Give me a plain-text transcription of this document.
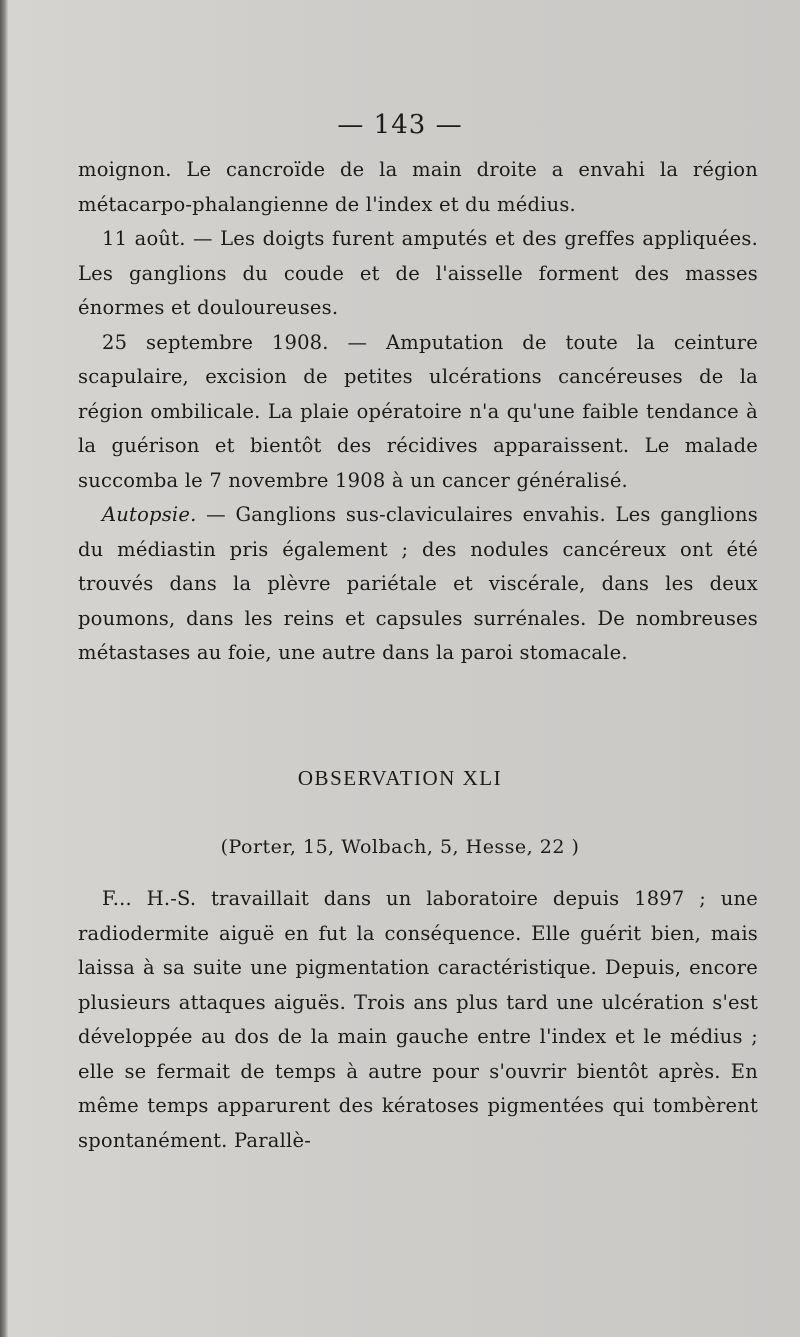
— 143 —

moignon. Le cancroïde de la main droite a envahi la région métacarpo-phalangienne de l'index et du médius.

11 août. — Les doigts furent amputés et des greffes appliquées. Les ganglions du coude et de l'aisselle forment des masses énormes et douloureuses.

25 septembre 1908. — Amputation de toute la ceinture scapulaire, excision de petites ulcérations cancéreuses de la région ombilicale. La plaie opératoire n'a qu'une faible tendance à la guérison et bientôt des récidives apparaissent. Le malade succomba le 7 novembre 1908 à un cancer généralisé.

Autopsie. — Ganglions sus-claviculaires envahis. Les ganglions du médiastin pris également ; des nodules cancéreux ont été trouvés dans la plèvre pariétale et viscérale, dans les deux poumons, dans les reins et capsules surrénales. De nombreuses métastases au foie, une autre dans la paroi stomacale.

OBSERVATION XLI
(Porter, 15, Wolbach, 5, Hesse, 22 )

F... H.-S. travaillait dans un laboratoire depuis 1897 ; une radiodermite aiguë en fut la conséquence. Elle guérit bien, mais laissa à sa suite une pigmentation caractéristique. Depuis, encore plusieurs attaques aiguës. Trois ans plus tard une ulcération s'est développée au dos de la main gauche entre l'index et le médius ; elle se fermait de temps à autre pour s'ouvrir bientôt après. En même temps apparurent des kératoses pigmentées qui tombèrent spontanément. Parallè-
